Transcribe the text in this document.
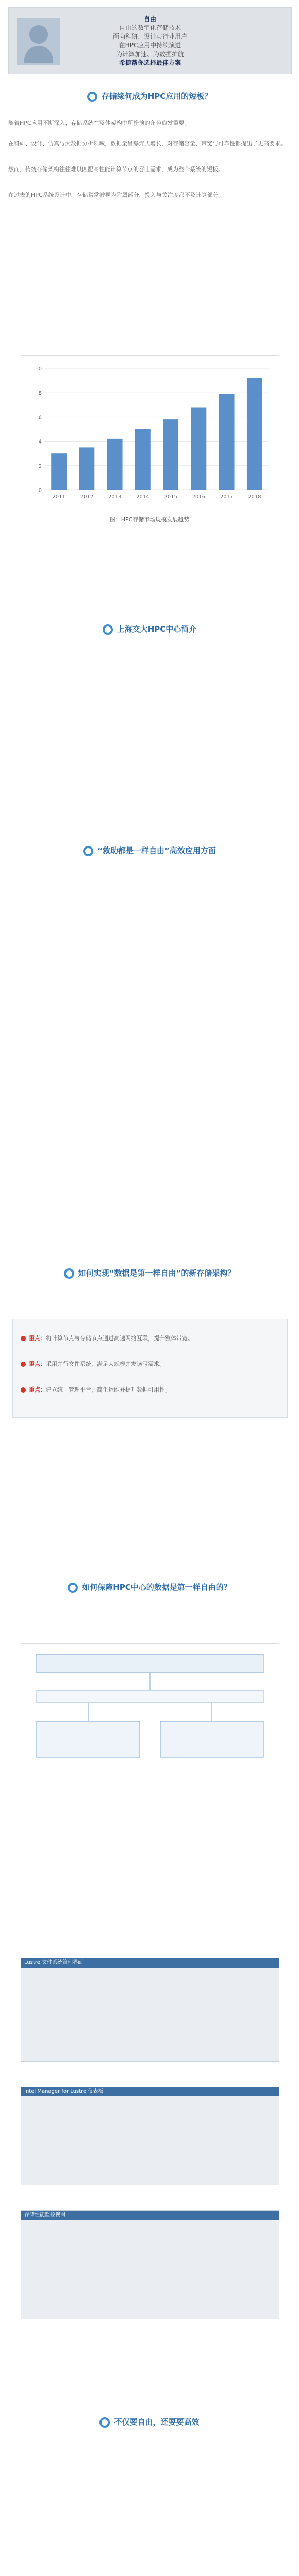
自由
自由的数字化存储技术
面向科研、设计与行业用户
在HPC应用中持续演进
为计算加速、为数据护航
希捷帮你选择最佳方案
存储缘何成为HPC应用的短板？
随着HPC应用不断深入，存储系统在整体架构中所扮演的角色愈发重要。
在科研、设计、仿真与大数据分析领域，数据量呈爆炸式增长，对存储容量、带宽与可靠性都提出了更高要求。
然而，传统存储架构往往难以匹配高性能计算节点的吞吐需求，成为整个系统的短板。
在过去的HPC系统设计中，存储常常被视为附属部分，投入与关注度都不及计算部分。
0
2
4
6
8
10
2011	2012	2013	2014	2015	2016	2017	2018
图：HPC存储市场规模发展趋势
上海交大HPC中心简介
“救助都是一样自由”高效应用方面
如何实现“数据是第一样自由”的新存储架构？
重点：将计算节点与存储节点通过高速网络互联，提升整体带宽。
重点：采用并行文件系统，满足大规模并发读写需求。
重点：建立统一管理平台，简化运维并提升数据可用性。
如何保障HPC中心的数据是第一样自由的？
Lustre 文件系统管理界面
Intel Manager for Lustre 仪表板
存储性能监控视图
不仅要自由，还要要高效
